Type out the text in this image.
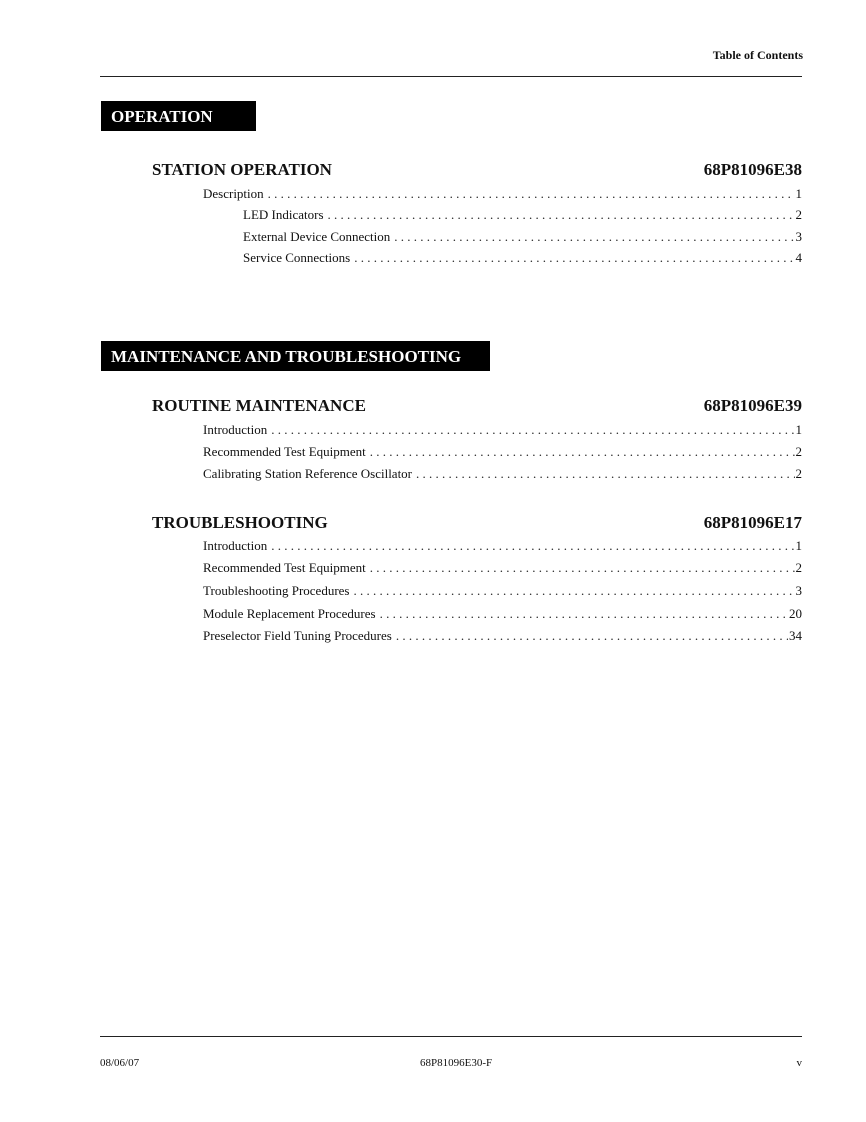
Table of Contents
OPERATION
STATION OPERATION	68P81096E38
Description . . .	1
LED Indicators . . .	2
External Device Connection . . .	3
Service Connections . . .	4
MAINTENANCE AND TROUBLESHOOTING
ROUTINE MAINTENANCE	68P81096E39
Introduction . . .	1
Recommended Test Equipment . . .	2
Calibrating Station Reference Oscillator . . .	2
TROUBLESHOOTING	68P81096E17
Introduction . . .	1
Recommended Test Equipment . . .	2
Troubleshooting Procedures . . .	3
Module Replacement Procedures . . .	20
Preselector Field Tuning Procedures . . .	34
08/06/07	68P81096E30-F	v
